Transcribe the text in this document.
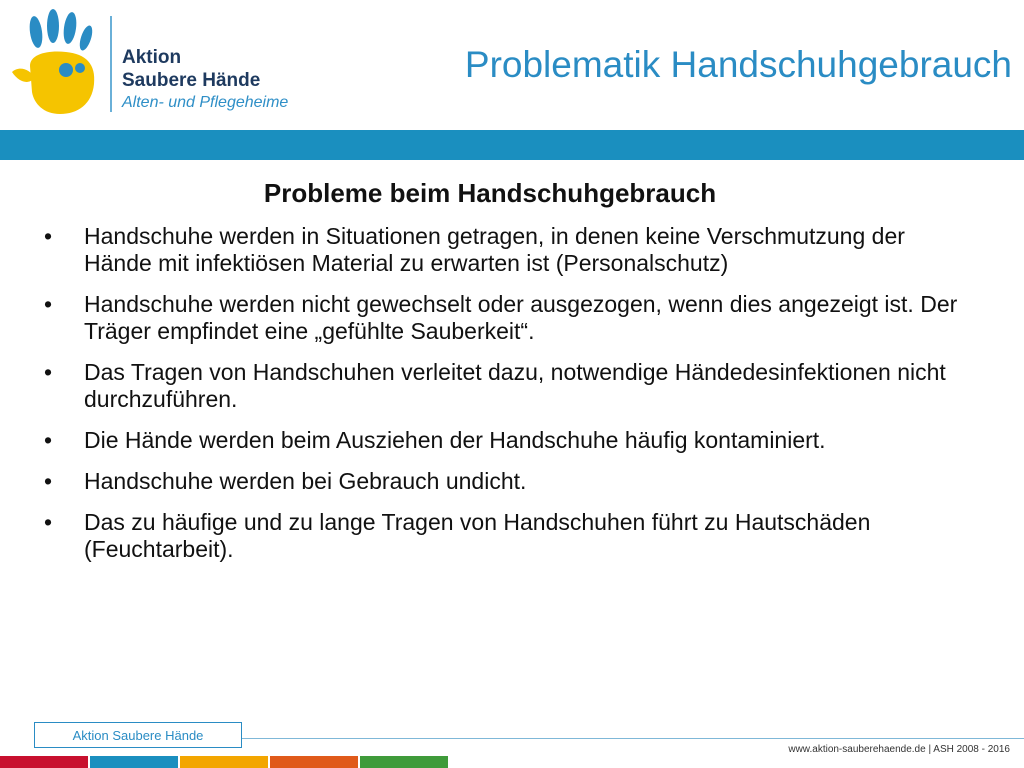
Aktion
Saubere Hände
Alten- und Pflegeheime
Problematik Handschuhgebrauch
Probleme beim Handschuhgebrauch
• Handschuhe werden in Situationen getragen, in denen keine Verschmutzung der Hände mit infektiösen Material zu erwarten ist (Personalschutz)
• Handschuhe werden nicht gewechselt oder ausgezogen, wenn dies angezeigt ist. Der Träger empfindet eine „gefühlte Sauberkeit“.
• Das Tragen von Handschuhen verleitet dazu, notwendige Händedesinfektionen nicht durchzuführen.
• Die Hände werden beim Ausziehen der Handschuhe häufig kontaminiert.
• Handschuhe werden bei Gebrauch undicht.
• Das zu häufige und zu lange Tragen von Handschuhen führt zu Hautschäden (Feuchtarbeit).
Aktion Saubere Hände
www.aktion-sauberehaende.de | ASH 2008 - 2016
